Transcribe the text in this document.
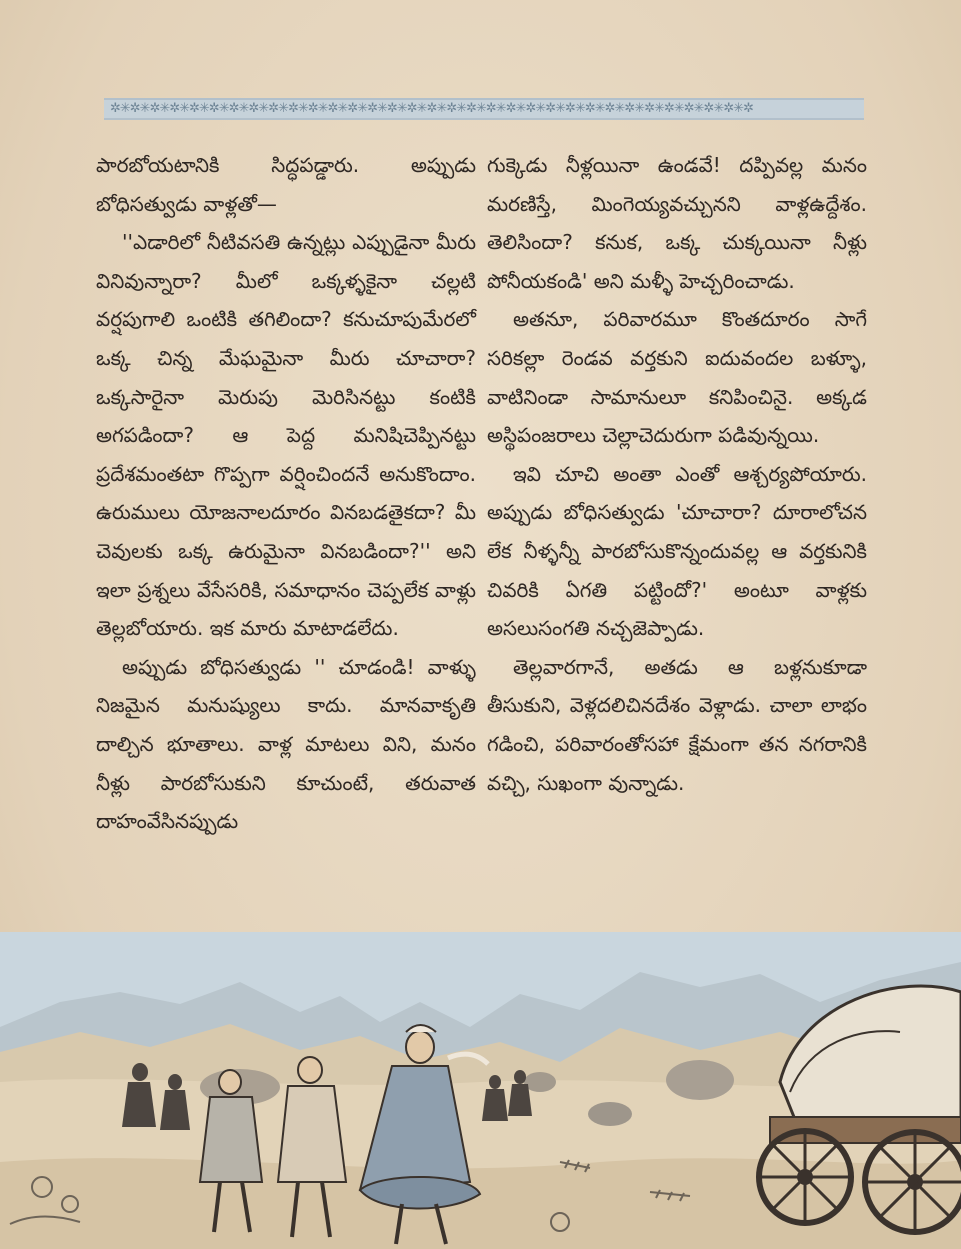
✲✳✲✳✲✳✲✳✲✳✲✳✲✳✲✳✲✳✲✳✲✳✲✳✲✳✲✳✲✳✲✳✲✳✲✳✲✳✲✳✲✳✲✳✲✳✲✳✲✳✲✳✲✳✲✳✲✳✲✳✲✳✲✳✲

పారబోయటానికి సిద్ధపడ్డారు. అప్పుడు బోధిసత్వుడు వాళ్లతో—

''ఎడారిలో నీటివసతి ఉన్నట్లు ఎప్పుడైనా మీరు వినివున్నారా? మీలో ఒక్కళ్ళకైనా చల్లటి వర్షపుగాలి ఒంటికి తగిలిందా? కనుచూపుమేరలో ఒక్క చిన్న మేఘమైనా మీరు చూచారా? ఒక్కసారైనా మెరుపు మెరిసినట్టు కంటికి అగపడిందా? ఆ పెద్ద మనిషిచెప్పినట్టు ప్రదేశమంతటా గొప్పగా వర్షించిందనే అనుకొందాం. ఉరుములు యోజనాలదూరం వినబడతైకదా? మీ చెవులకు ఒక్క ఉరుమైనా వినబడిందా?'' అని ఇలా ప్రశ్నలు వేసేసరికి, సమాధానం చెప్పలేక వాళ్లు తెల్లబోయారు. ఇక మారు మాటాడలేదు.

అప్పుడు బోధిసత్వుడు '' చూడండి! వాళ్ళు నిజమైన మనుష్యులు కాదు. మానవాకృతి దాల్చిన భూతాలు. వాళ్ల మాటలు విని, మనం నీళ్లు పారబోసుకుని కూచుంటే, తరువాత దాహంవేసినప్పుడు

గుక్కెడు నీళ్లయినా ఉండవే! దప్పివల్ల మనం మరణిస్తే, మింగెయ్యవచ్చునని వాళ్లఉద్దేశం. తెలిసిందా? కనుక, ఒక్క చుక్కయినా నీళ్లు పోనీయకండి' అని మళ్ళీ హెచ్చరించాడు.

అతనూ, పరివారమూ కొంతదూరం సాగే సరికల్లా రెండవ వర్తకుని ఐదువందల బళ్ళూ, వాటినిండా సామానులూ కనిపించినై. అక్కడ అస్థిపంజరాలు చెల్లాచెదురుగా పడివున్నయి.

ఇవి చూచి అంతా ఎంతో ఆశ్చర్యపోయారు. అప్పుడు బోధిసత్వుడు 'చూచారా? దూరాలోచన లేక నీళ్ళన్నీ పారబోసుకొన్నందువల్ల ఆ వర్తకునికి చివరికి ఏగతి పట్టిందో?' అంటూ వాళ్లకు అసలుసంగతి నచ్చజెప్పాడు.

తెల్లవారగానే, అతడు ఆ బళ్లనుకూడా తీసుకుని, వెళ్లదలిచినదేశం వెళ్లాడు. చాలా లాభం గడించి, పరివారంతోసహా క్షేమంగా తన నగరానికి వచ్చి, సుఖంగా వున్నాడు.
